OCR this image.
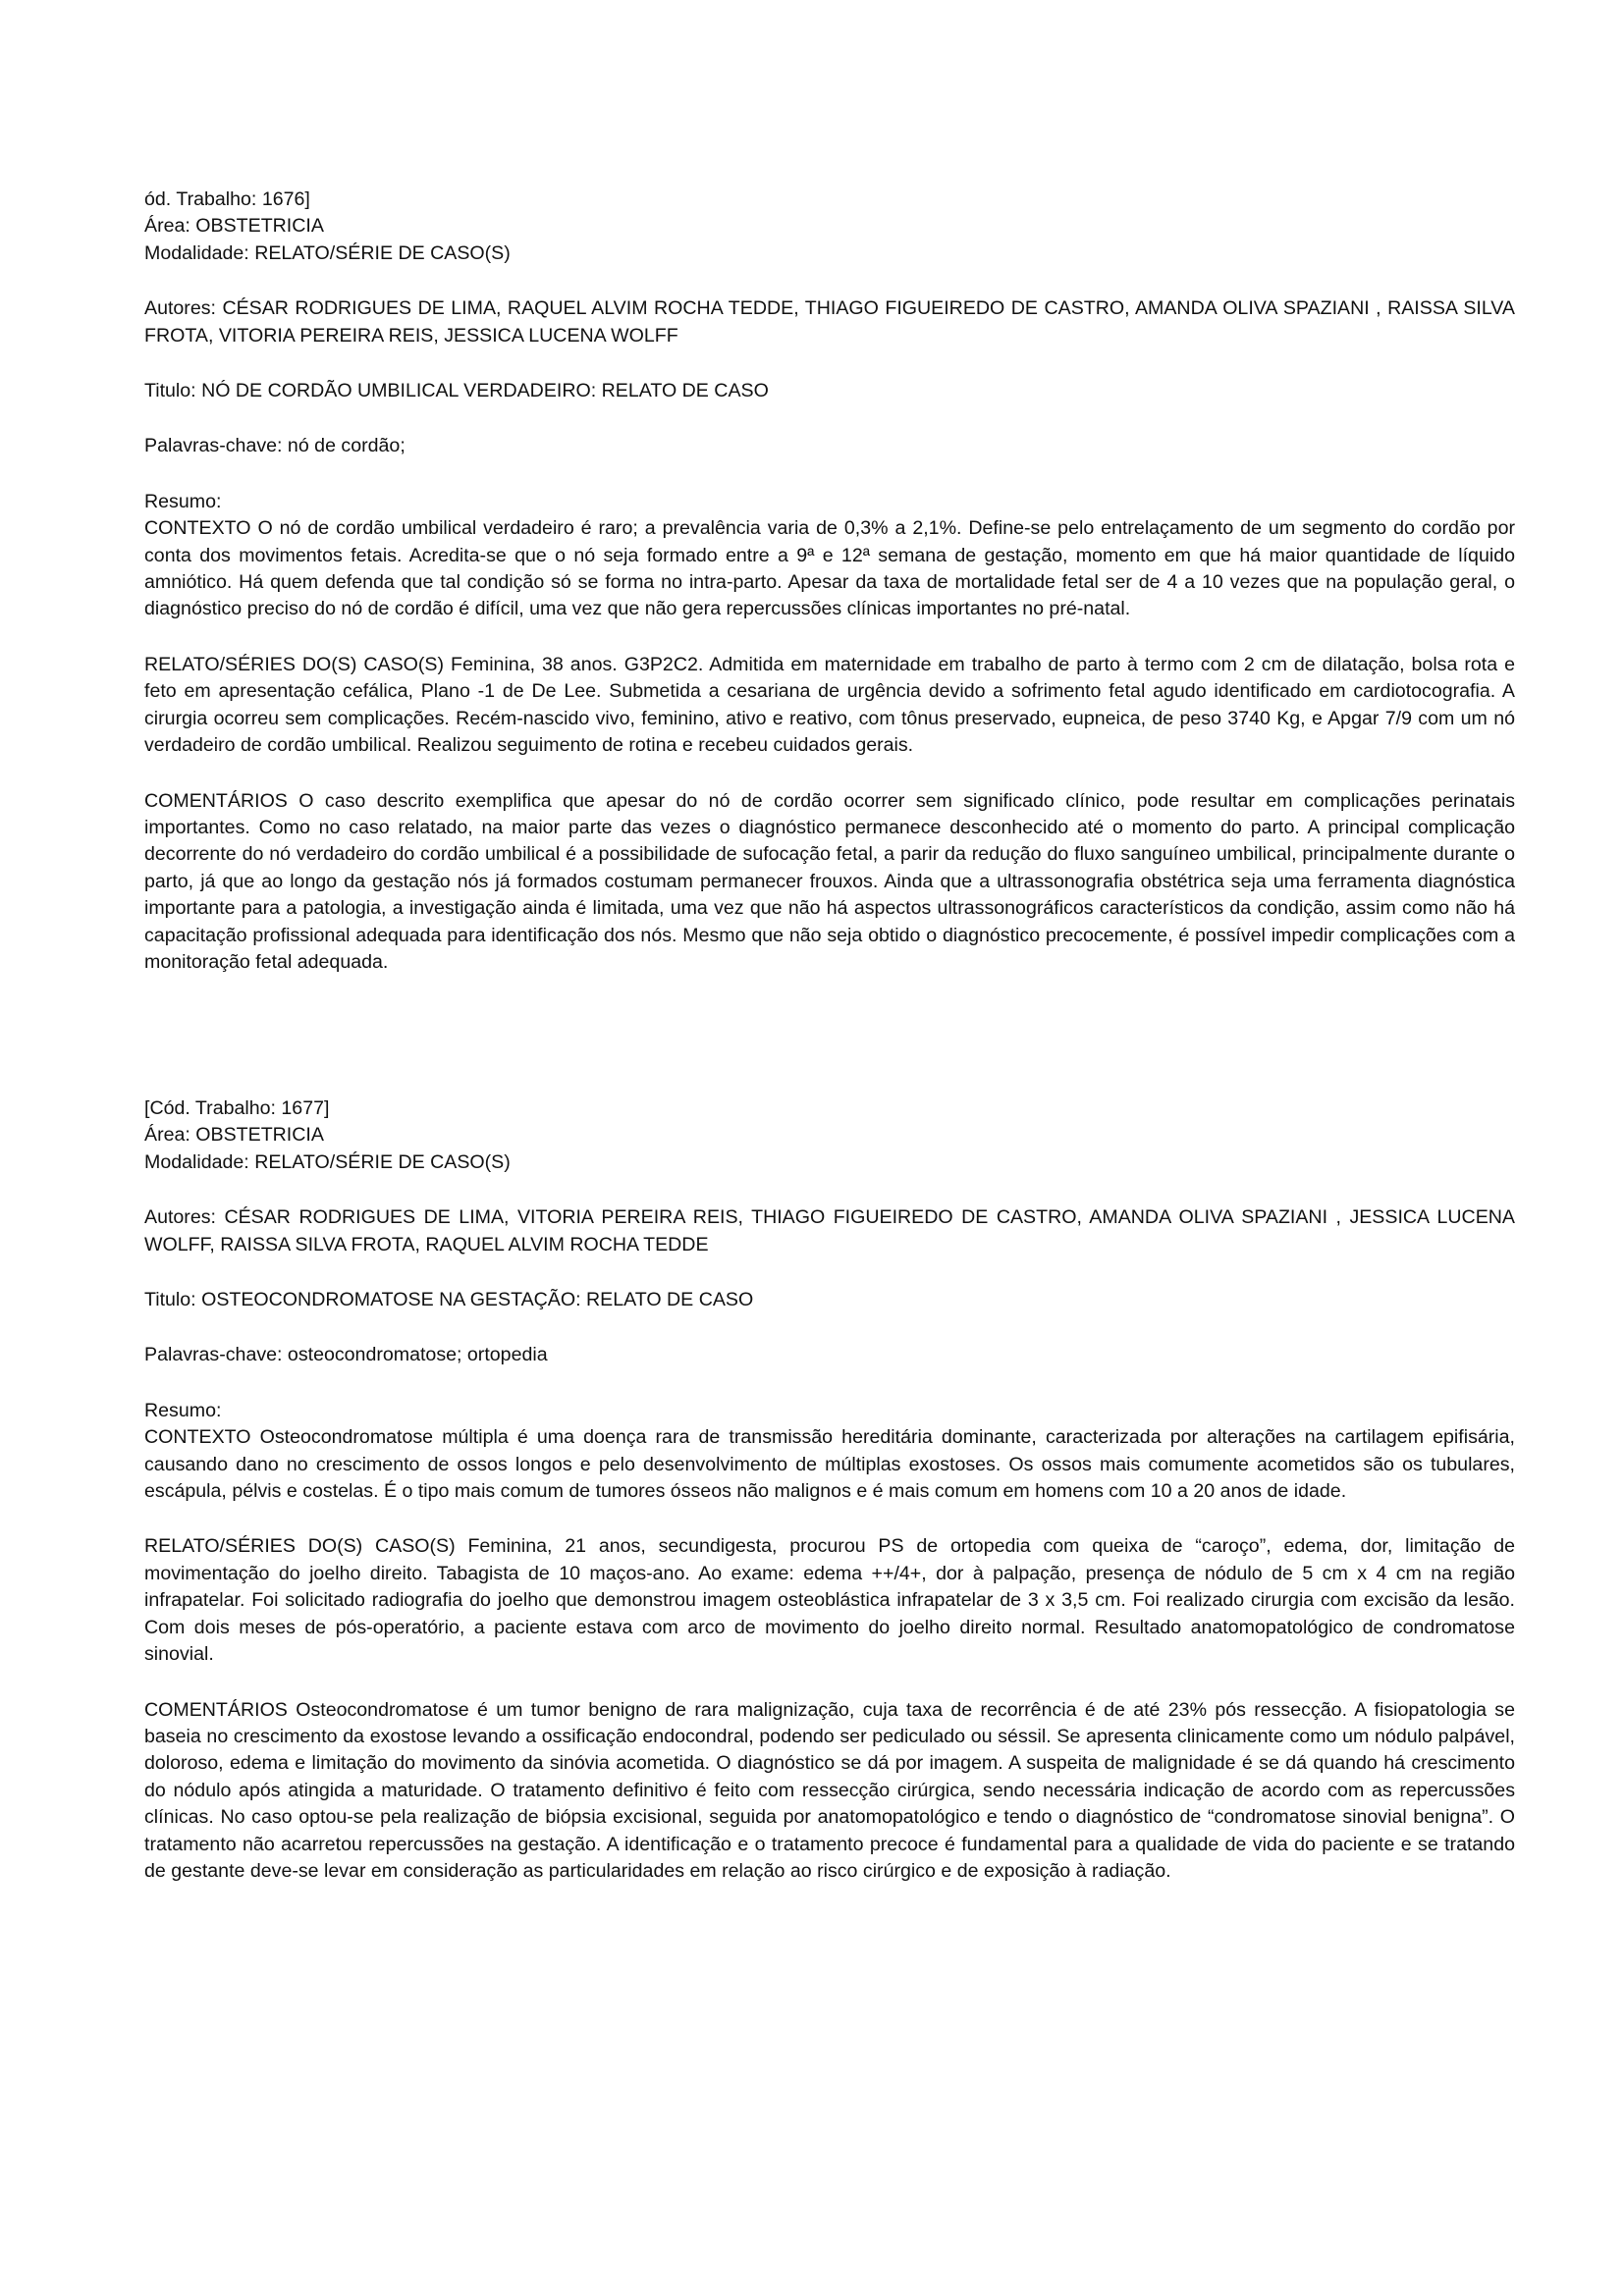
ód. Trabalho: 1676]
Área: OBSTETRICIA
Modalidade: RELATO/SÉRIE DE CASO(S)

Autores: CÉSAR RODRIGUES DE LIMA, RAQUEL ALVIM ROCHA TEDDE, THIAGO FIGUEIREDO DE CASTRO, AMANDA OLIVA SPAZIANI , RAISSA SILVA FROTA, VITORIA PEREIRA REIS, JESSICA LUCENA WOLFF

Titulo: NÓ DE CORDÃO UMBILICAL VERDADEIRO: RELATO DE CASO
Palavras-chave: nó de cordão;
Resumo:

CONTEXTO O nó de cordão umbilical verdadeiro é raro; a prevalência varia de 0,3% a 2,1%. Define-se pelo entrelaçamento de um segmento do cordão por conta dos movimentos fetais. Acredita-se que o nó seja formado entre a 9ª e 12ª semana de gestação, momento em que há maior quantidade de líquido amniótico. Há quem defenda que tal condição só se forma no intra-parto. Apesar da taxa de mortalidade fetal ser de 4 a 10 vezes que na população geral, o diagnóstico preciso do nó de cordão é difícil, uma vez que não gera repercussões clínicas importantes no pré-natal.

RELATO/SÉRIES DO(S) CASO(S) Feminina, 38 anos. G3P2C2. Admitida em maternidade em trabalho de parto à termo com 2 cm de dilatação, bolsa rota e feto em apresentação cefálica, Plano -1 de De Lee. Submetida a cesariana de urgência devido a sofrimento fetal agudo identificado em cardiotocografia. A cirurgia ocorreu sem complicações. Recém-nascido vivo, feminino, ativo e reativo, com tônus preservado, eupneica, de peso 3740 Kg, e Apgar 7/9 com um nó verdadeiro de cordão umbilical. Realizou seguimento de rotina e recebeu cuidados gerais.

COMENTÁRIOS O caso descrito exemplifica que apesar do nó de cordão ocorrer sem significado clínico, pode resultar em complicações perinatais importantes. Como no caso relatado, na maior parte das vezes o diagnóstico permanece desconhecido até o momento do parto. A principal complicação decorrente do nó verdadeiro do cordão umbilical é a possibilidade de sufocação fetal, a parir da redução do fluxo sanguíneo umbilical, principalmente durante o parto, já que ao longo da gestação nós já formados costumam permanecer frouxos. Ainda que a ultrassonografia obstétrica seja uma ferramenta diagnóstica importante para a patologia, a investigação ainda é limitada, uma vez que não há aspectos ultrassonográficos característicos da condição, assim como não há capacitação profissional adequada para identificação dos nós. Mesmo que não seja obtido o diagnóstico precocemente, é possível impedir complicações com a monitoração fetal adequada.

[Cód. Trabalho: 1677]
Área: OBSTETRICIA
Modalidade: RELATO/SÉRIE DE CASO(S)

Autores: CÉSAR RODRIGUES DE LIMA, VITORIA PEREIRA REIS, THIAGO FIGUEIREDO DE CASTRO, AMANDA OLIVA SPAZIANI , JESSICA LUCENA WOLFF, RAISSA SILVA FROTA, RAQUEL ALVIM ROCHA TEDDE

Titulo: OSTEOCONDROMATOSE NA GESTAÇÃO: RELATO DE CASO
Palavras-chave: osteocondromatose; ortopedia
Resumo:

CONTEXTO Osteocondromatose múltipla é uma doença rara de transmissão hereditária dominante, caracterizada por alterações na cartilagem epifisária, causando dano no crescimento de ossos longos e pelo desenvolvimento de múltiplas exostoses. Os ossos mais comumente acometidos são os tubulares, escápula, pélvis e costelas. É o tipo mais comum de tumores ósseos não malignos e é mais comum em homens com 10 a 20 anos de idade.

RELATO/SÉRIES DO(S) CASO(S) Feminina, 21 anos, secundigesta, procurou PS de ortopedia com queixa de “caroço”, edema, dor, limitação de movimentação do joelho direito. Tabagista de 10 maços-ano. Ao exame: edema ++/4+, dor à palpação, presença de nódulo de 5 cm x 4 cm na região infrapatelar. Foi solicitado radiografia do joelho que demonstrou imagem osteoblástica infrapatelar de 3 x 3,5 cm. Foi realizado cirurgia com excisão da lesão. Com dois meses de pós-operatório, a paciente estava com arco de movimento do joelho direito normal. Resultado anatomopatológico de condromatose sinovial.

COMENTÁRIOS Osteocondromatose é um tumor benigno de rara malignização, cuja taxa de recorrência é de até 23% pós ressecção. A fisiopatologia se baseia no crescimento da exostose levando a ossificação endocondral, podendo ser pediculado ou séssil. Se apresenta clinicamente como um nódulo palpável, doloroso, edema e limitação do movimento da sinóvia acometida. O diagnóstico se dá por imagem. A suspeita de malignidade é se dá quando há crescimento do nódulo após atingida a maturidade. O tratamento definitivo é feito com ressecção cirúrgica, sendo necessária indicação de acordo com as repercussões clínicas. No caso optou-se pela realização de biópsia excisional, seguida por anatomopatológico e tendo o diagnóstico de “condromatose sinovial benigna”. O tratamento não acarretou repercussões na gestação. A identificação e o tratamento precoce é fundamental para a qualidade de vida do paciente e se tratando de gestante deve-se levar em consideração as particularidades em relação ao risco cirúrgico e de exposição à radiação.
